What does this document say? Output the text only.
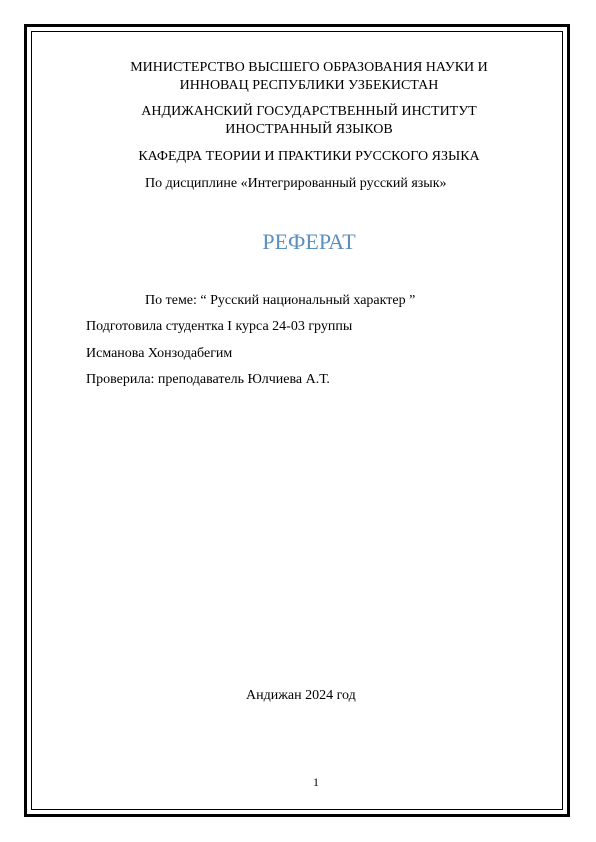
МИНИСТЕРСТВО ВЫСШЕГО ОБРАЗОВАНИЯ НАУКИ И
ИННОВАЦ РЕСПУБЛИКИ УЗБЕКИСТАН
АНДИЖАНСКИЙ ГОСУДАРСТВЕННЫЙ ИНСТИТУТ
ИНОСТРАННЫЙ ЯЗЫКОВ
КАФЕДРА ТЕОРИИ И ПРАКТИКИ РУССКОГО ЯЗЫКА
По дисциплине «Интегрированный русский язык»
РЕФЕРАТ
По теме: “ Русский национальный характер ”
Подготовила студентка I курса 24-03 группы
Исманова Хонзодабегим
Проверила: преподаватель Юлчиева А.Т.
Андижан 2024 год
1
